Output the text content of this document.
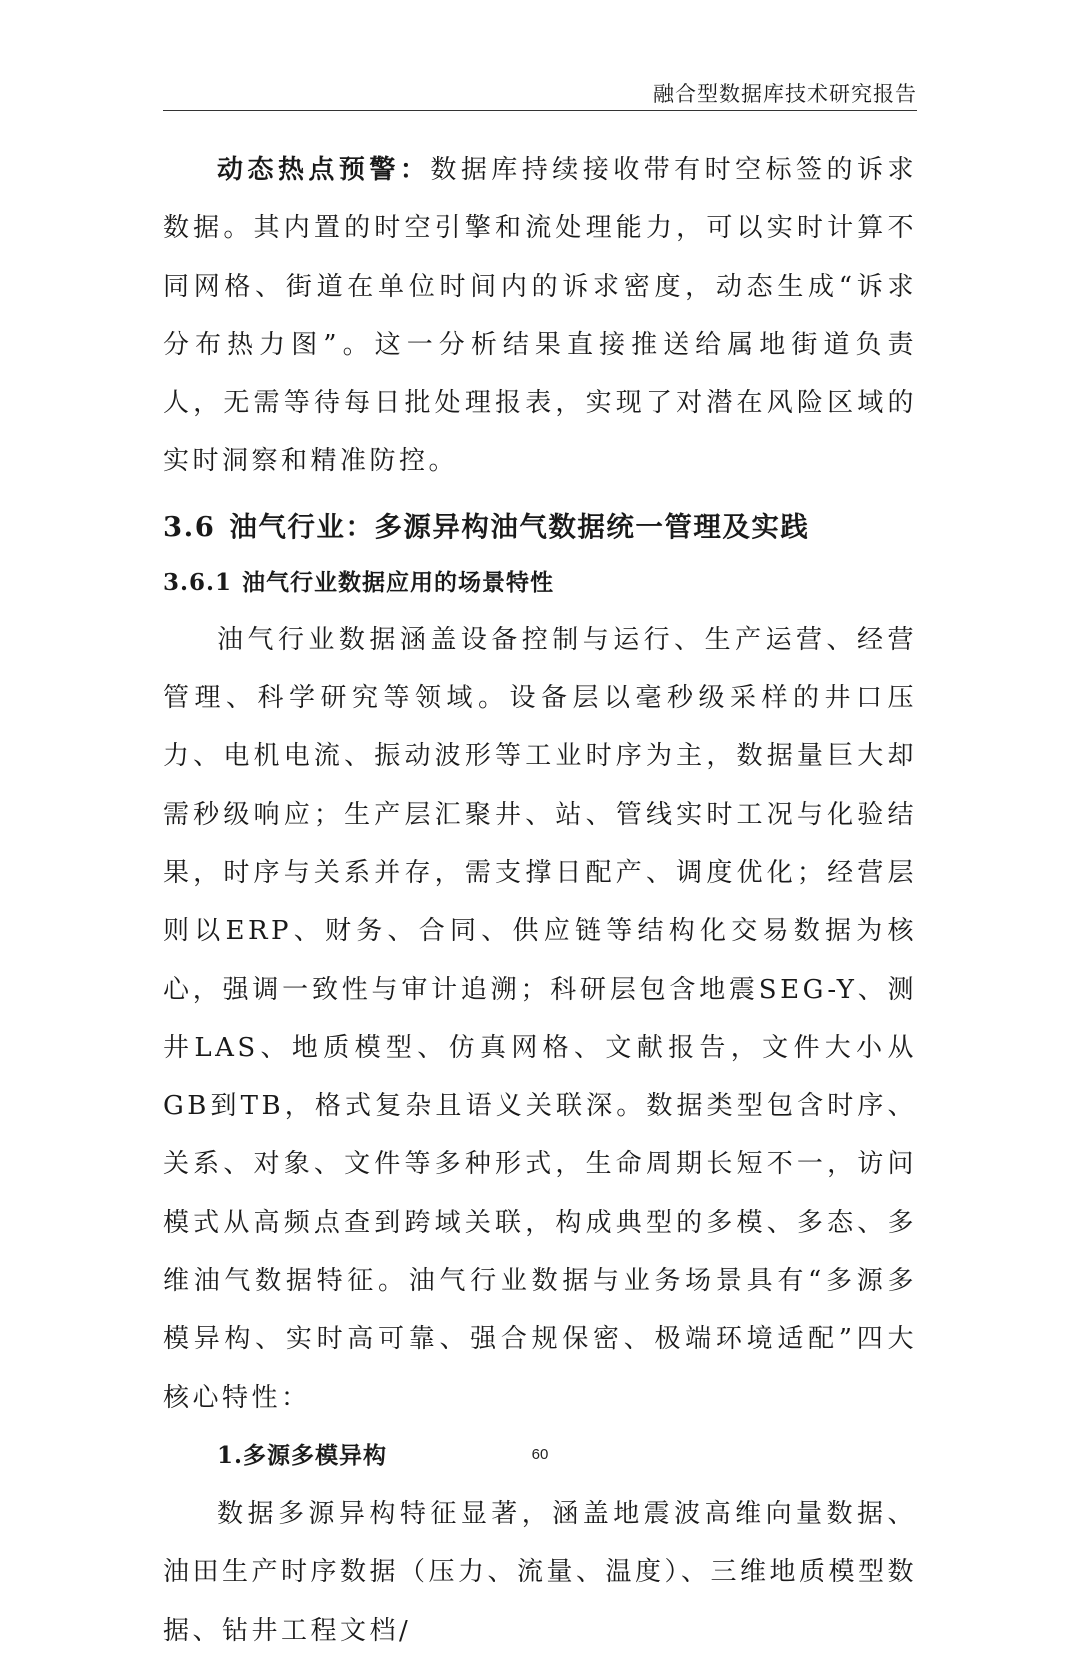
融合型数据库技术研究报告

动态热点预警：数据库持续接收带有时空标签的诉求数据。其内置的时空引擎和流处理能力，可以实时计算不同网格、街道在单位时间内的诉求密度，动态生成“诉求分布热力图”。这一分析结果直接推送给属地街道负责人，无需等待每日批处理报表，实现了对潜在风险区域的实时洞察和精准防控。

3.6 油气行业：多源异构油气数据统一管理及实践
3.6.1 油气行业数据应用的场景特性

油气行业数据涵盖设备控制与运行、生产运营、经营管理、科学研究等领域。设备层以毫秒级采样的井口压力、电机电流、振动波形等工业时序为主，数据量巨大却需秒级响应；生产层汇聚井、站、管线实时工况与化验结果，时序与关系并存，需支撑日配产、调度优化；经营层则以ERP、财务、合同、供应链等结构化交易数据为核心，强调一致性与审计追溯；科研层包含地震SEG-Y、测井LAS、地质模型、仿真网格、文献报告，文件大小从GB到TB，格式复杂且语义关联深。数据类型包含时序、关系、对象、文件等多种形式，生命周期长短不一，访问模式从高频点查到跨域关联，构成典型的多模、多态、多维油气数据特征。油气行业数据与业务场景具有“多源多模异构、实时高可靠、强合规保密、极端环境适配”四大核心特性：

1.多源多模异构

数据多源异构特征显著，涵盖地震波高维向量数据、油田生产时序数据（压力、流量、温度）、三维地质模型数据、钻井工程文档/

60
